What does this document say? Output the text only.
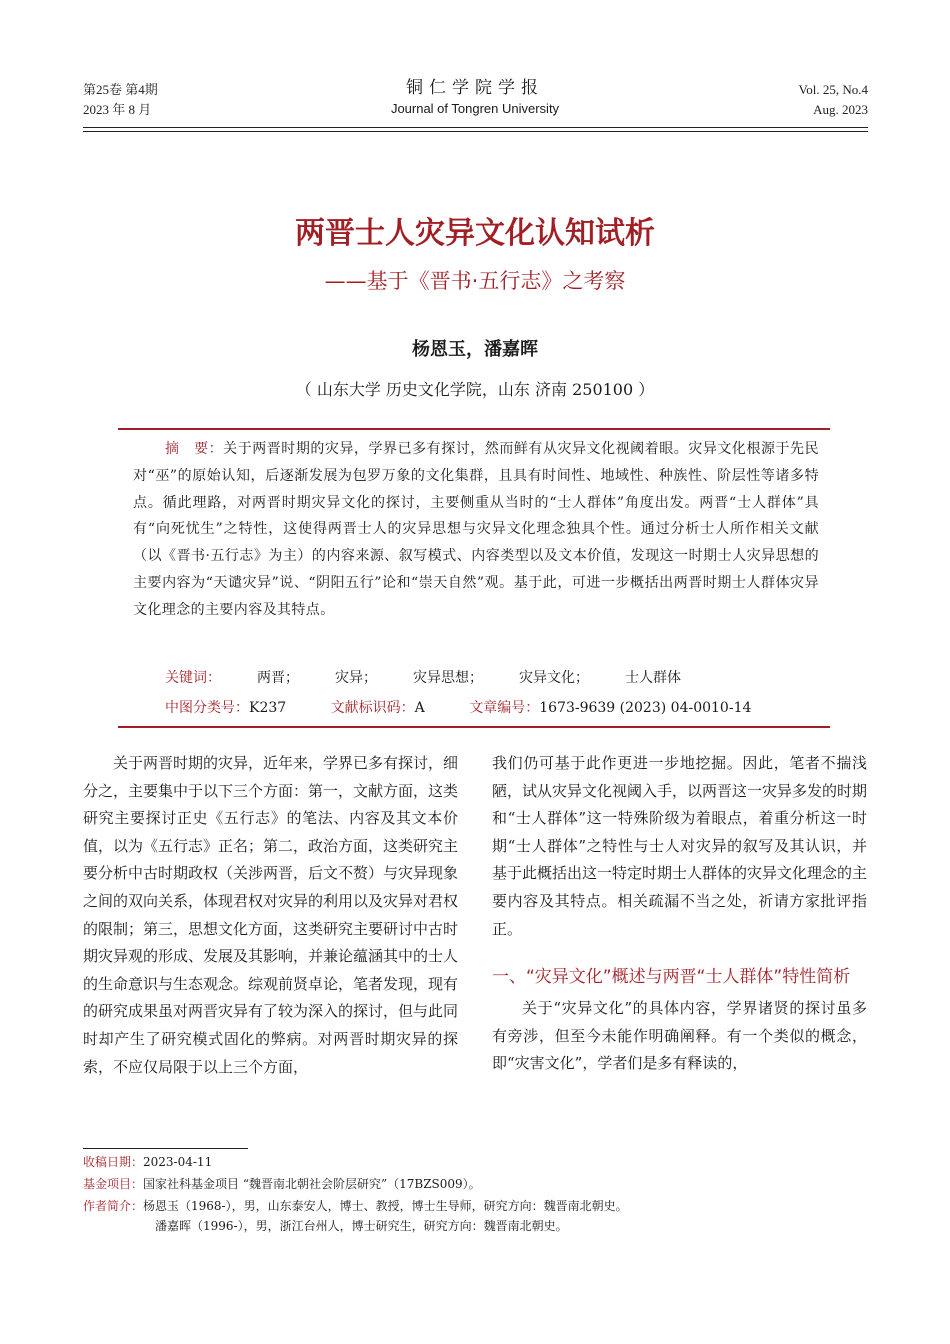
第25卷 第4期
2023 年 8 月
铜仁学院学报
Journal of Tongren University
Vol. 25, No.4
Aug. 2023
两晋士人灾异文化认知试析
——基于《晋书·五行志》之考察
杨恩玉，潘嘉晖
（ 山东大学 历史文化学院，山东 济南 250100 ）
摘　要：关于两晋时期的灾异，学界已多有探讨，然而鲜有从灾异文化视阈着眼。灾异文化根源于先民对“巫”的原始认知，后逐渐发展为包罗万象的文化集群，且具有时间性、地域性、种族性、阶层性等诸多特点。循此理路，对两晋时期灾异文化的探讨，主要侧重从当时的“士人群体”角度出发。两晋“士人群体”具有“向死忧生”之特性，这使得两晋士人的灾异思想与灾异文化理念独具个性。通过分析士人所作相关文献（以《晋书·五行志》为主）的内容来源、叙写模式、内容类型以及文本价值，发现这一时期士人灾异思想的主要内容为“天谴灾异”说、“阴阳五行”论和“崇天自然”观。基于此，可进一步概括出两晋时期士人群体灾异文化理念的主要内容及其特点。
关键词：	两晋；	灾异；	灾异思想；	灾异文化；	士人群体
中图分类号：K237	文献标识码：A	文章编号：1673-9639 (2023) 04-0010-14

关于两晋时期的灾异，近年来，学界已多有探讨，细分之，主要集中于以下三个方面：第一，文献方面，这类研究主要探讨正史《五行志》的笔法、内容及其文本价值，以为《五行志》正名；第二，政治方面，这类研究主要分析中古时期政权（关涉两晋，后文不赘）与灾异现象之间的双向关系，体现君权对灾异的利用以及灾异对君权的限制；第三，思想文化方面，这类研究主要研讨中古时期灾异观的形成、发展及其影响，并兼论蕴涵其中的士人的生命意识与生态观念。综观前贤卓论，笔者发现，现有的研究成果虽对两晋灾异有了较为深入的探讨，但与此同时却产生了研究模式固化的弊病。对两晋时期灾异的探索，不应仅局限于以上三个方面，

我们仍可基于此作更进一步地挖掘。因此，笔者不揣浅陋，试从灾异文化视阈入手，以两晋这一灾异多发的时期和“士人群体”这一特殊阶级为着眼点，着重分析这一时期“士人群体”之特性与士人对灾异的叙写及其认识，并基于此概括出这一特定时期士人群体的灾异文化理念的主要内容及其特点。相关疏漏不当之处，祈请方家批评指正。

一、“灾异文化”概述与两晋“士人群体”特性简析

关于“灾异文化”的具体内容，学界诸贤的探讨虽多有旁涉，但至今未能作明确阐释。有一个类似的概念，即“灾害文化”，学者们是多有释读的，

收稿日期：2023-04-11
基金项目：国家社科基金项目 “魏晋南北朝社会阶层研究”（17BZS009）。
作者简介：杨恩玉（1968-），男，山东泰安人，博士、教授，博士生导师，研究方向：魏晋南北朝史。
潘嘉晖（1996-），男，浙江台州人，博士研究生，研究方向：魏晋南北朝史。
